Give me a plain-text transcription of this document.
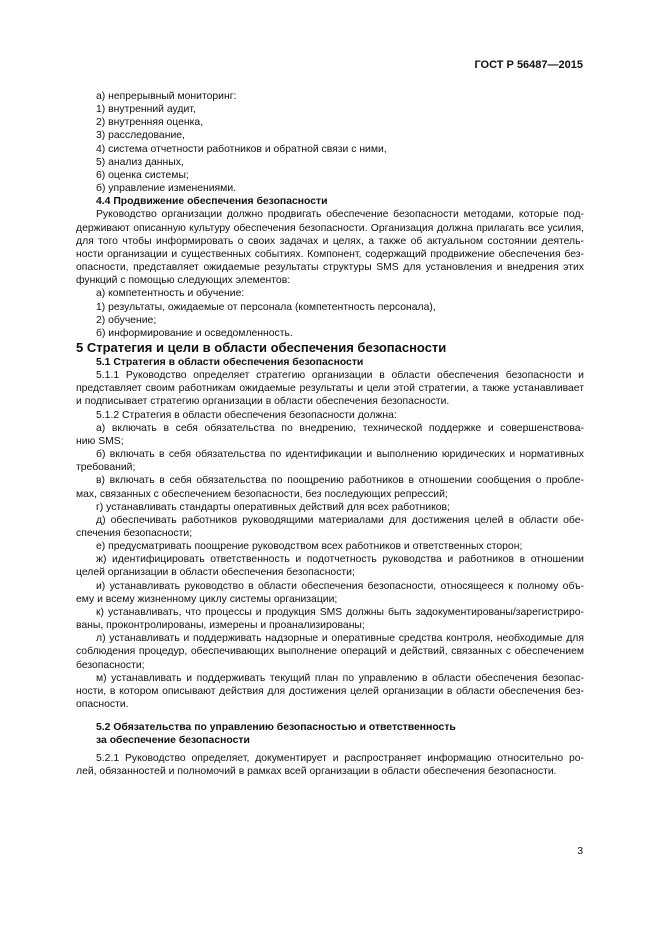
ГОСТ Р 56487—2015

а) непрерывный мониторинг:

1) внутренний аудит,

2) внутренняя оценка,

3) расследование,

4) система отчетности работников и обратной связи с ними,

5) анализ данных,

6) оценка системы;

б) управление изменениями.

4.4 Продвижение обеспечения безопасности

Руководство организации должно продвигать обеспечение безопасности методами, которые под-

держивают описанную культуру обеспечения безопасности. Организация должна прилагать все усилия,

для того чтобы информировать о своих задачах и целях, а также об актуальном состоянии деятель-

ности организации и существенных событиях. Компонент, содержащий продвижение обеспечения без-

опасности, представляет ожидаемые результаты структуры SMS для установления и внедрения этих

функций с помощью следующих элементов:

а) компетентность и обучение:

1) результаты, ожидаемые от персонала (компетентность персонала),

2) обучение;

б) информирование и осведомленность.

5 Стратегия и цели в области обеспечения безопасности

5.1 Стратегия в области обеспечения безопасности

5.1.1 Руководство определяет стратегию организации в области обеспечения безопасности и

представляет своим работникам ожидаемые результаты и цели этой стратегии, а также устанавливает

и подписывает стратегию организации в области обеспечения безопасности.

5.1.2 Стратегия в области обеспечения безопасности должна:

а) включать в себя обязательства по внедрению, технической поддержке и совершенствова-

нию SMS;

б) включать в себя обязательства по идентификации и выполнению юридических и нормативных

требований;

в) включать в себя обязательства по поощрению работников в отношении сообщения о пробле-

мах, связанных с обеспечением безопасности, без последующих репрессий;

г) устанавливать стандарты оперативных действий для всех работников;

д) обеспечивать работников руководящими материалами для достижения целей в области обе-

спечения безопасности;

е) предусматривать поощрение руководством всех работников и ответственных сторон;

ж) идентифицировать ответственность и подотчетность руководства и работников в отношении

целей организации в области обеспечения безопасности;

и) устанавливать руководство в области обеспечения безопасности, относящееся к полному объ-

ему и всему жизненному циклу системы организации;

к) устанавливать, что процессы и продукция SMS должны быть задокументированы/зарегистриро-

ваны, проконтролированы, измерены и проанализированы;

л) устанавливать и поддерживать надзорные и оперативные средства контроля, необходимые для

соблюдения процедур, обеспечивающих выполнение операций и действий, связанных с обеспечением

безопасности;

м) устанавливать и поддерживать текущий план по управлению в области обеспечения безопас-

ности, в котором описывают действия для достижения целей организации в области обеспечения без-

опасности.

5.2 Обязательства по управлению безопасностью и ответственность

за обеспечение безопасности

5.2.1 Руководство определяет, документирует и распространяет информацию относительно ро-

лей, обязанностей и полномочий в рамках всей организации в области обеспечения безопасности.

3
